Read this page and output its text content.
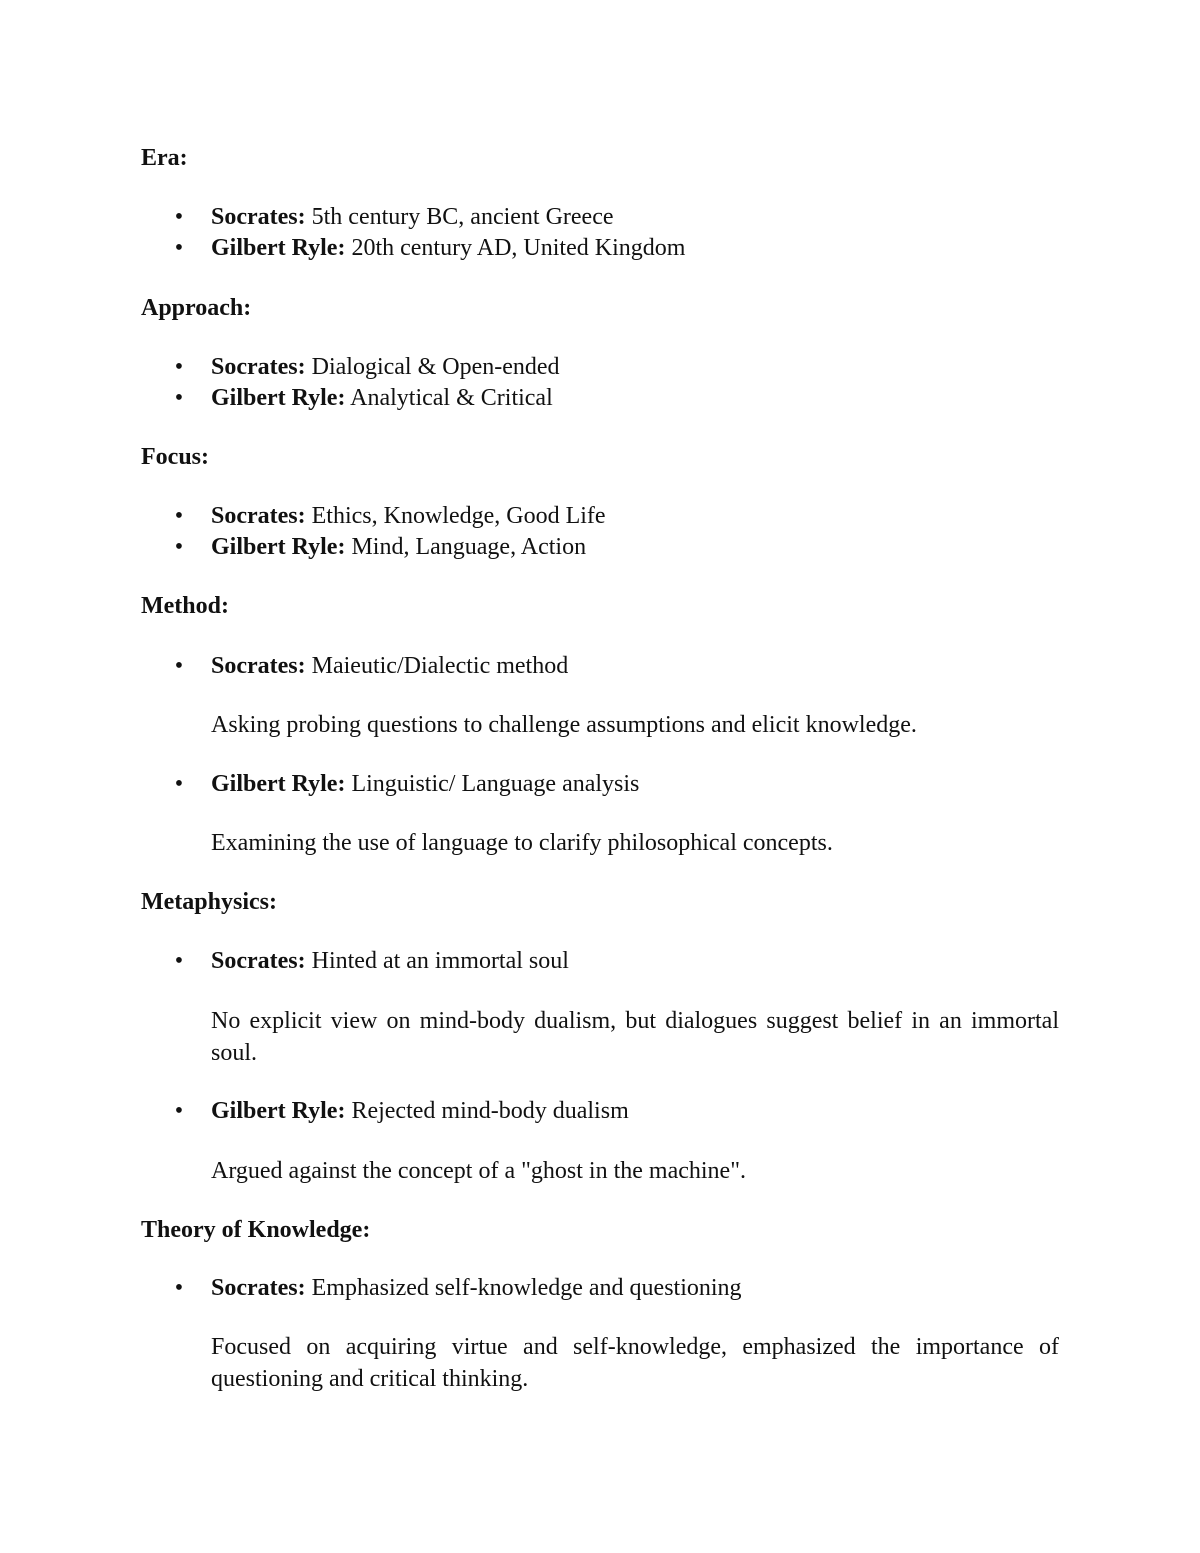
Era:

• Socrates: 5th century BC, ancient Greece

• Gilbert Ryle: 20th century AD, United Kingdom

Approach:

• Socrates: Dialogical & Open-ended

• Gilbert Ryle: Analytical & Critical

Focus:

• Socrates: Ethics, Knowledge, Good Life

• Gilbert Ryle: Mind, Language, Action

Method:

• Socrates: Maieutic/Dialectic method

Asking probing questions to challenge assumptions and elicit knowledge.

• Gilbert Ryle: Linguistic/ Language analysis

Examining the use of language to clarify philosophical concepts.

Metaphysics:

• Socrates: Hinted at an immortal soul

No explicit view on mind-body dualism, but dialogues suggest belief in an immortal soul.

• Gilbert Ryle: Rejected mind-body dualism

Argued against the concept of a "ghost in the machine".

Theory of Knowledge:

• Socrates: Emphasized self-knowledge and questioning

Focused on acquiring virtue and self-knowledge, emphasized the importance of questioning and critical thinking.
